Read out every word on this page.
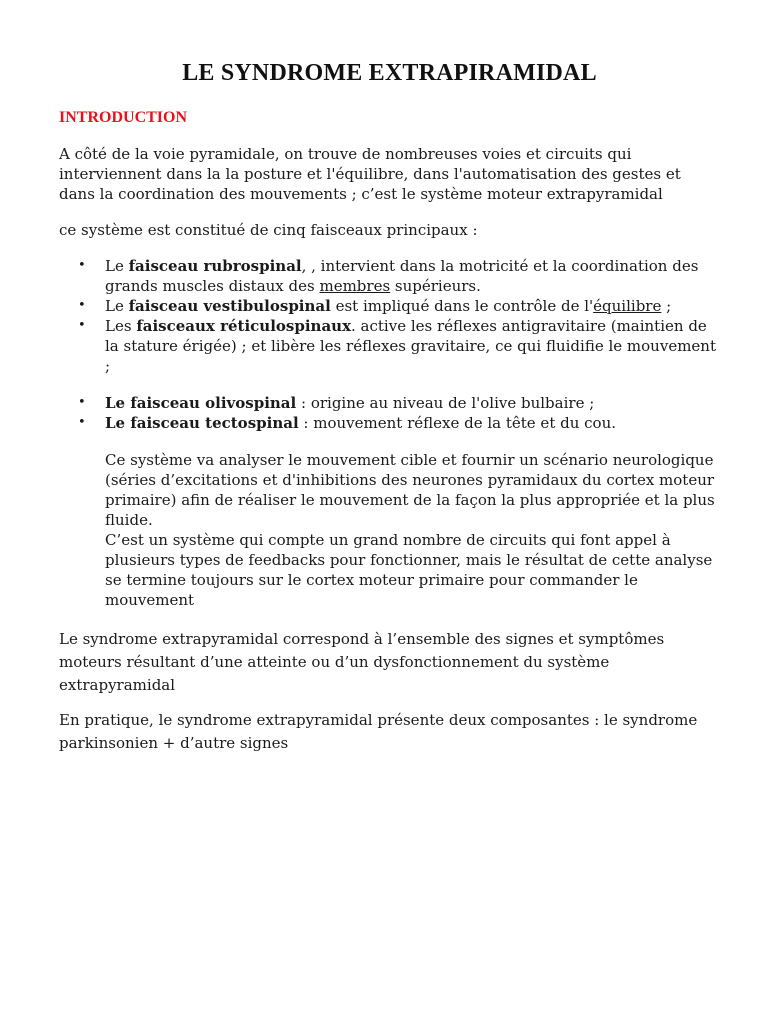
LE SYNDROME EXTRAPIRAMIDAL
INTRODUCTION

A côté de la voie pyramidale, on trouve de nombreuses voies et circuits qui interviennent dans la la posture et l'équilibre, dans l'automatisation des gestes et dans la coordination des mouvements ; c’est le système moteur extrapyramidal

ce système est constitué de cinq faisceaux principaux :

• Le faisceau rubrospinal, , intervient dans la motricité et la coordination des grands muscles distaux des membres supérieurs.
• Le faisceau vestibulospinal est impliqué dans le contrôle de l'équilibre ;
• Les faisceaux réticulospinaux. active les réflexes antigravitaire (maintien de la stature érigée) ; et libère les réflexes gravitaire, ce qui fluidifie le mouvement ;
• Le faisceau olivospinal : origine au niveau de l'olive bulbaire ;
• Le faisceau tectospinal : mouvement réflexe de la tête et du cou.

Ce système va analyser le mouvement cible et fournir un scénario neurologique (séries d’excitations et d'inhibitions des neurones pyramidaux du cortex moteur primaire) afin de réaliser le mouvement de la façon la plus appropriée et la plus fluide.

C’est un système qui compte un grand nombre de circuits qui font appel à plusieurs types de feedbacks pour fonctionner, mais le résultat de cette analyse se termine toujours sur le cortex moteur primaire pour commander le mouvement

Le syndrome extrapyramidal correspond à l’ensemble des signes et symptômes moteurs résultant d’une atteinte ou d’un dysfonctionnement du système extrapyramidal

En pratique, le syndrome extrapyramidal présente deux composantes : le syndrome parkinsonien + d’autre signes
